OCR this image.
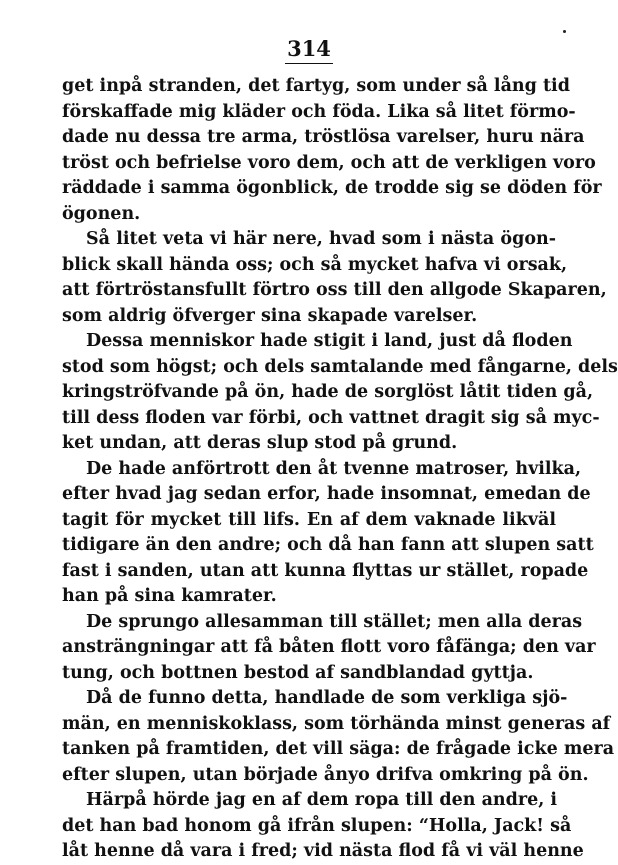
314

get inpå stranden, det fartyg, som under så lång tid
förskaffade mig kläder och föda. Lika så litet förmo-
dade nu dessa tre arma, tröstlösa varelser, huru nära
tröst och befrielse voro dem, och att de verkligen voro
räddade i samma ögonblick, de trodde sig se döden för
ögonen.

Så litet veta vi här nere, hvad som i nästa ögon-
blick skall hända oss; och så mycket hafva vi orsak,
att förtröstansfullt förtro oss till den allgode Skaparen,
som aldrig öfverger sina skapade varelser.

Dessa menniskor hade stigit i land, just då floden
stod som högst; och dels samtalande med fångarne, dels
kringströfvande på ön, hade de sorglöst låtit tiden gå,
till dess floden var förbi, och vattnet dragit sig så myc-
ket undan, att deras slup stod på grund.

De hade anförtrott den åt tvenne matroser, hvilka,
efter hvad jag sedan erfor, hade insomnat, emedan de
tagit för mycket till lifs. En af dem vaknade likväl
tidigare än den andre; och då han fann att slupen satt
fast i sanden, utan att kunna flyttas ur stället, ropade
han på sina kamrater.

De sprungo allesamman till stället; men alla deras
ansträngningar att få båten flott voro fåfänga; den var
tung, och bottnen bestod af sandblandad gyttja.

Då de funno detta, handlade de som verkliga sjö-
män, en menniskoklass, som törhända minst generas af
tanken på framtiden, det vill säga: de frågade icke mera
efter slupen, utan började ånyo drifva omkring på ön.

Härpå hörde jag en af dem ropa till den andre, i
det han bad honom gå ifrån slupen: “Holla, Jack! så
låt henne då vara i fred; vid nästa flod få vi väl henne
